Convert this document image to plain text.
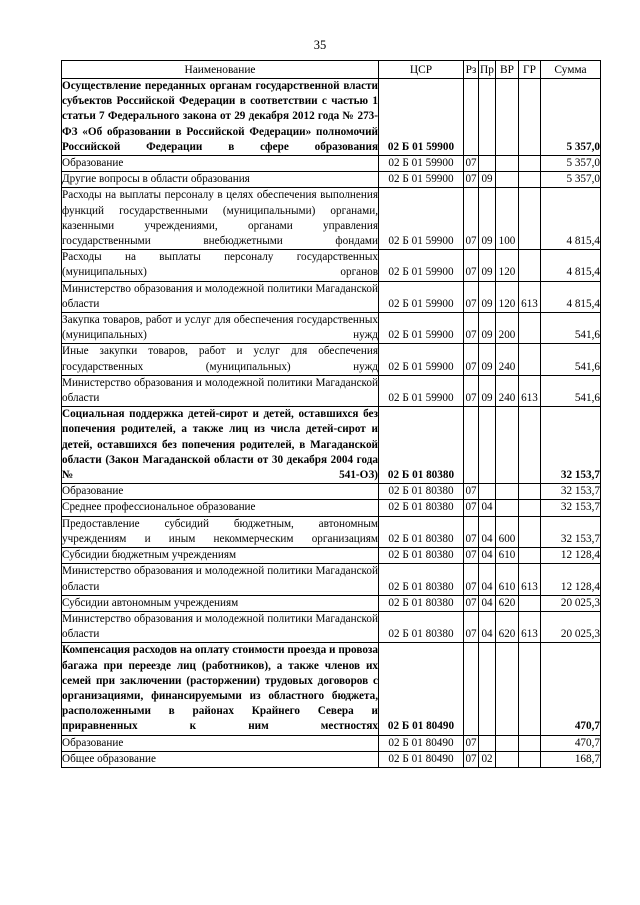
35
Наименование	ЦСР	Рз	Пр	ВР	ГР	Сумма
Осуществление переданных органам государственной власти субъектов Российской Федерации в соответствии с частью 1 статьи 7 Федерального закона от 29 декабря 2012 года № 273-ФЗ «Об образовании в Российской Федерации» полномочий Российской Федерации в сфере образования	02 Б 01 59900					5 357,0
Образование	02 Б 01 59900	07				5 357,0
Другие вопросы в области образования	02 Б 01 59900	07	09			5 357,0
Расходы на выплаты персоналу в целях обеспечения выполнения функций государственными (муниципальными) органами, казенными учреждениями, органами управления государственными внебюджетными фондами	02 Б 01 59900	07	09	100		4 815,4
Расходы на выплаты персоналу государственных (муниципальных) органов	02 Б 01 59900	07	09	120		4 815,4
Министерство образования и молодежной политики Магаданской области	02 Б 01 59900	07	09	120	613	4 815,4
Закупка товаров, работ и услуг для обеспечения государственных (муниципальных) нужд	02 Б 01 59900	07	09	200		541,6
Иные закупки товаров, работ и услуг для обеспечения государственных (муниципальных) нужд	02 Б 01 59900	07	09	240		541,6
Министерство образования и молодежной политики Магаданской области	02 Б 01 59900	07	09	240	613	541,6
Социальная поддержка детей-сирот и детей, оставшихся без попечения родителей, а также лиц из числа детей-сирот и детей, оставшихся без попечения родителей, в Магаданской области (Закон Магаданской области от 30 декабря 2004 года № 541-ОЗ)	02 Б 01 80380					32 153,7
Образование	02 Б 01 80380	07				32 153,7
Среднее профессиональное образование	02 Б 01 80380	07	04			32 153,7
Предоставление субсидий бюджетным, автономным учреждениям и иным некоммерческим организациям	02 Б 01 80380	07	04	600		32 153,7
Субсидии бюджетным учреждениям	02 Б 01 80380	07	04	610		12 128,4
Министерство образования и молодежной политики Магаданской области	02 Б 01 80380	07	04	610	613	12 128,4
Субсидии автономным учреждениям	02 Б 01 80380	07	04	620		20 025,3
Министерство образования и молодежной политики Магаданской области	02 Б 01 80380	07	04	620	613	20 025,3
Компенсация расходов на оплату стоимости проезда и провоза багажа при переезде лиц (работников), а также членов их семей при заключении (расторжении) трудовых договоров с организациями, финансируемыми из областного бюджета, расположенными в районах Крайнего Севера и приравненных к ним местностях	02 Б 01 80490					470,7
Образование	02 Б 01 80490	07				470,7
Общее образование	02 Б 01 80490	07	02			168,7
